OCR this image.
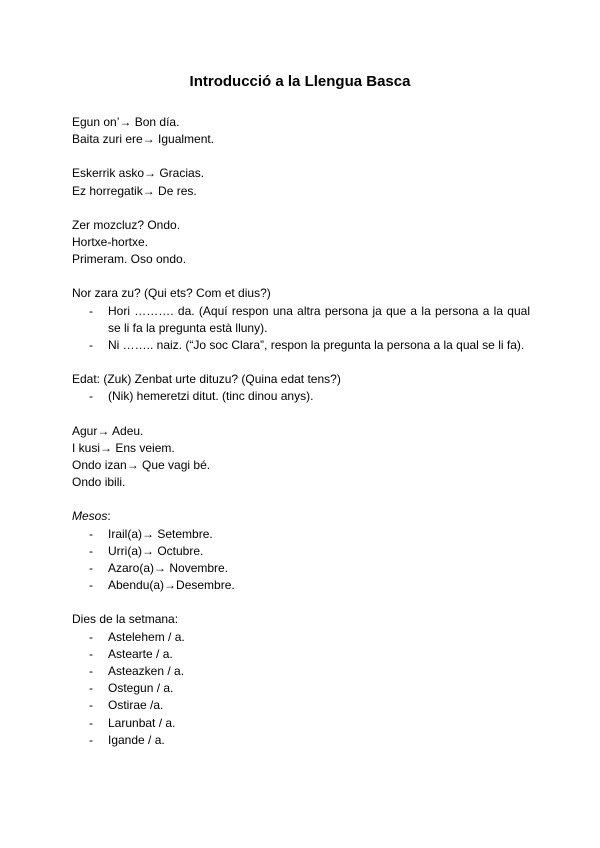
Introducció a la Llengua Basca

Egun on’→ Bon día.

Baita zuri ere→ Igualment.

Eskerrik asko→ Gracias.

Ez horregatik→ De res.

Zer mozcluz? Ondo.

Hortxe-hortxe.

Primeram. Oso ondo.

Nor zara zu? (Qui ets? Com et dius?)

- Hori ………. da. (Aquí respon una altra persona ja que a la persona a la qual se li fa la pregunta està lluny).
- Ni …….. naiz. (“Jo soc Clara”, respon la pregunta la persona a la qual se li fa).

Edat: (Zuk) Zenbat urte dituzu? (Quina edat tens?)

- (Nik) hemeretzi ditut. (tinc dinou anys).

Agur→ Adeu.

I kusi→ Ens veiem.

Ondo izan→ Que vagi bé.

Ondo ibili.

Mesos:

- Irail(a)→ Setembre.
- Urri(a)→ Octubre.
- Azaro(a)→ Novembre.
- Abendu(a)→Desembre.

Dies de la setmana:

- Astelehem / a.
- Astearte / a.
- Asteazken / a.
- Ostegun / a.
- Ostirae /a.
- Larunbat / a.
- Igande / a.
